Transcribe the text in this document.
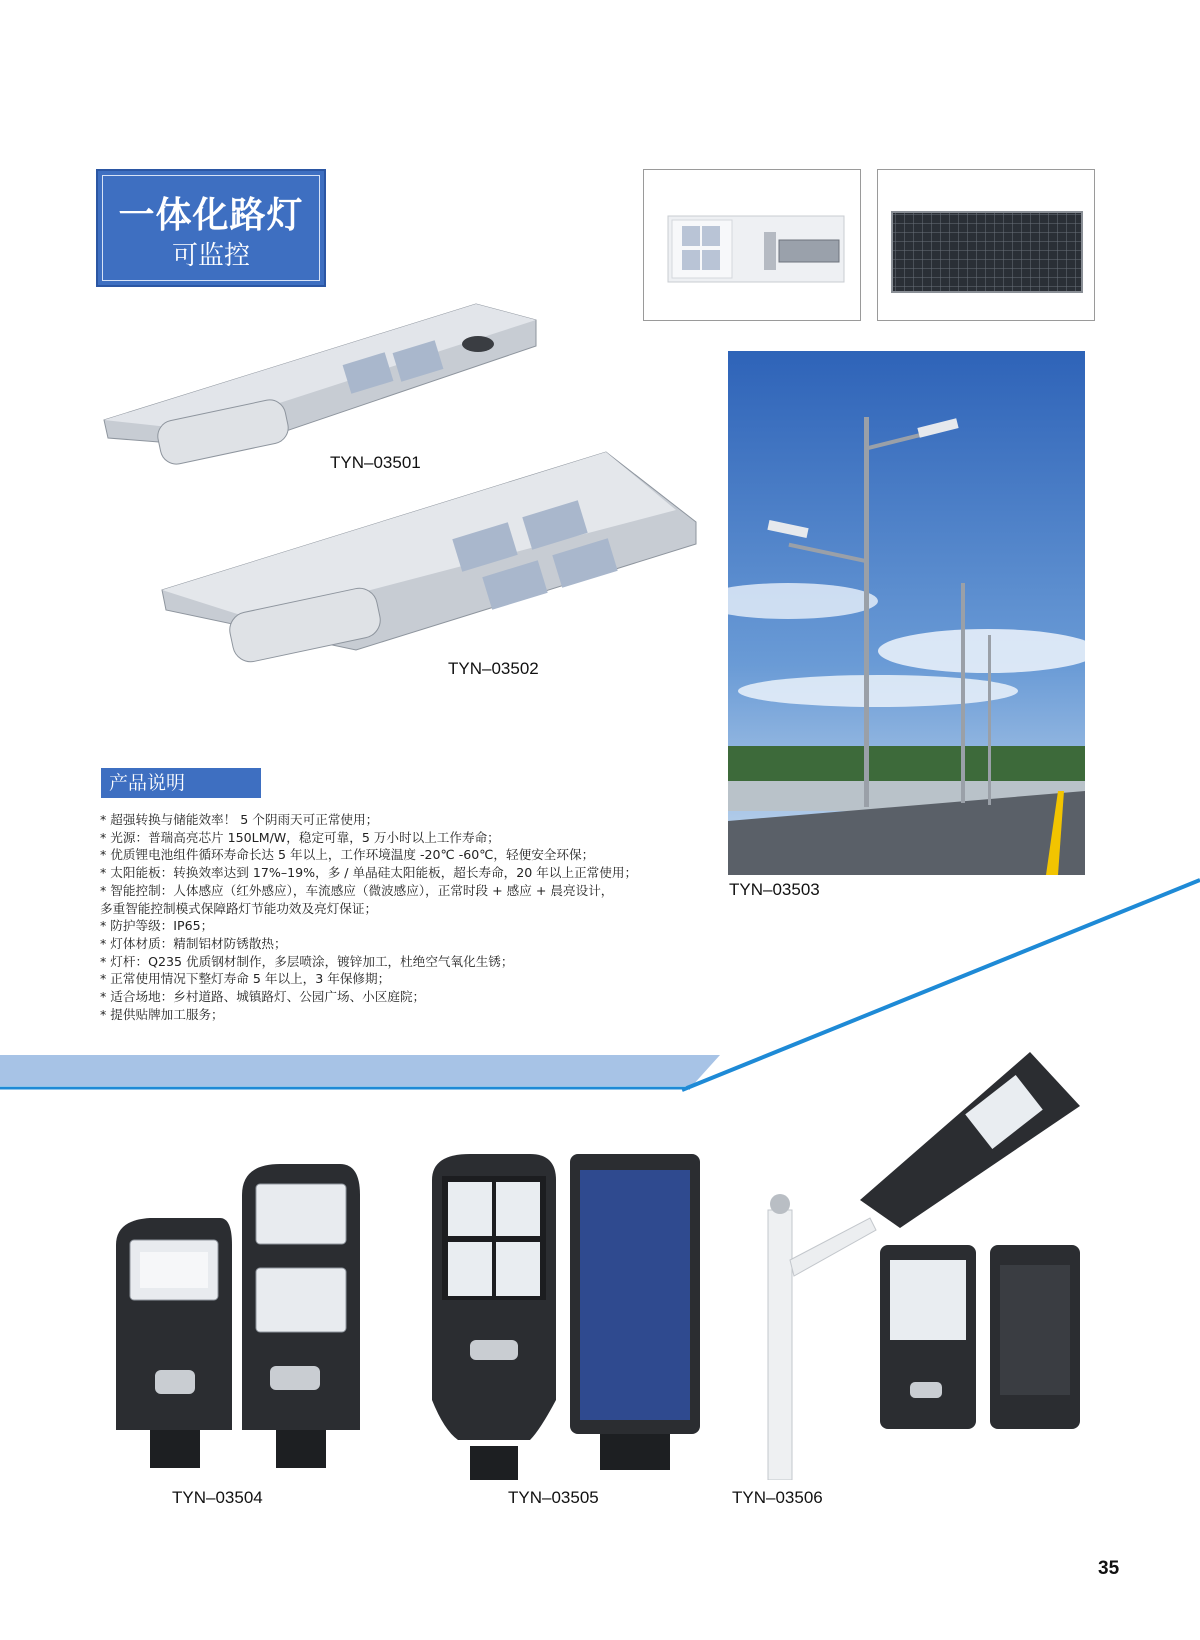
一体化路灯
可监控
TYN–03501
TYN–03502
TYN–03503
产品说明
* 超强转换与储能效率！ 5 个阴雨天可正常使用；
* 光源：普瑞高亮芯片 150LM/W，稳定可靠，5 万小时以上工作寿命；
* 优质锂电池组件循环寿命长达 5 年以上，工作环境温度 -20℃ -60℃，轻便安全环保；
* 太阳能板：转换效率达到 17%–19%，多 / 单晶硅太阳能板，超长寿命，20 年以上正常使用；
* 智能控制：人体感应（红外感应），车流感应（微波感应），正常时段 + 感应 + 晨亮设计，
多重智能控制模式保障路灯节能功效及亮灯保证；
* 防护等级：IP65；
* 灯体材质：精制铝材防锈散热；
* 灯杆：Q235 优质钢材制作，多层喷涂，镀锌加工，杜绝空气氧化生锈；
* 正常使用情况下整灯寿命 5 年以上，3 年保修期；
* 适合场地：乡村道路、城镇路灯、公园广场、小区庭院；
* 提供贴牌加工服务；
TYN–03504	TYN–03505	TYN–03506
35
